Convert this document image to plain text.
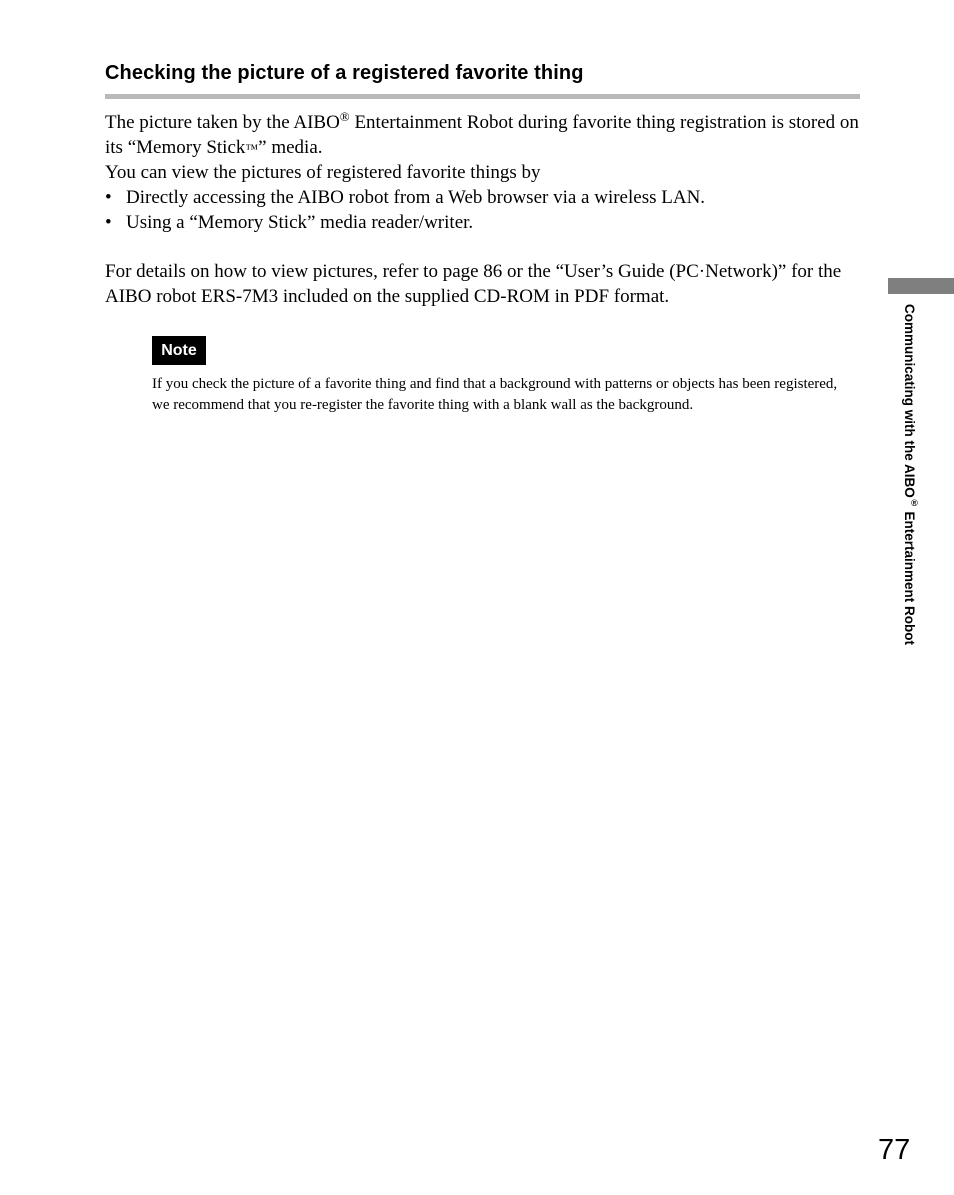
Checking the picture of a registered favorite thing

The picture taken by the AIBO® Entertainment Robot during favorite thing registration is stored on its “Memory Stick™” media.

You can view the pictures of registered favorite things by

• Directly accessing the AIBO robot from a Web browser via a wireless LAN.
• Using a “Memory Stick” media reader/writer.

For details on how to view pictures, refer to page 86 or the “User’s Guide (PC·Network)” for the AIBO robot ERS-7M3 included on the supplied CD-ROM in PDF format.

Note

If you check the picture of a favorite thing and find that a background with patterns or objects has been registered, we recommend that you re-register the favorite thing with a blank wall as the background.	Communicating with the AIBO® Entertainment Robot
77
